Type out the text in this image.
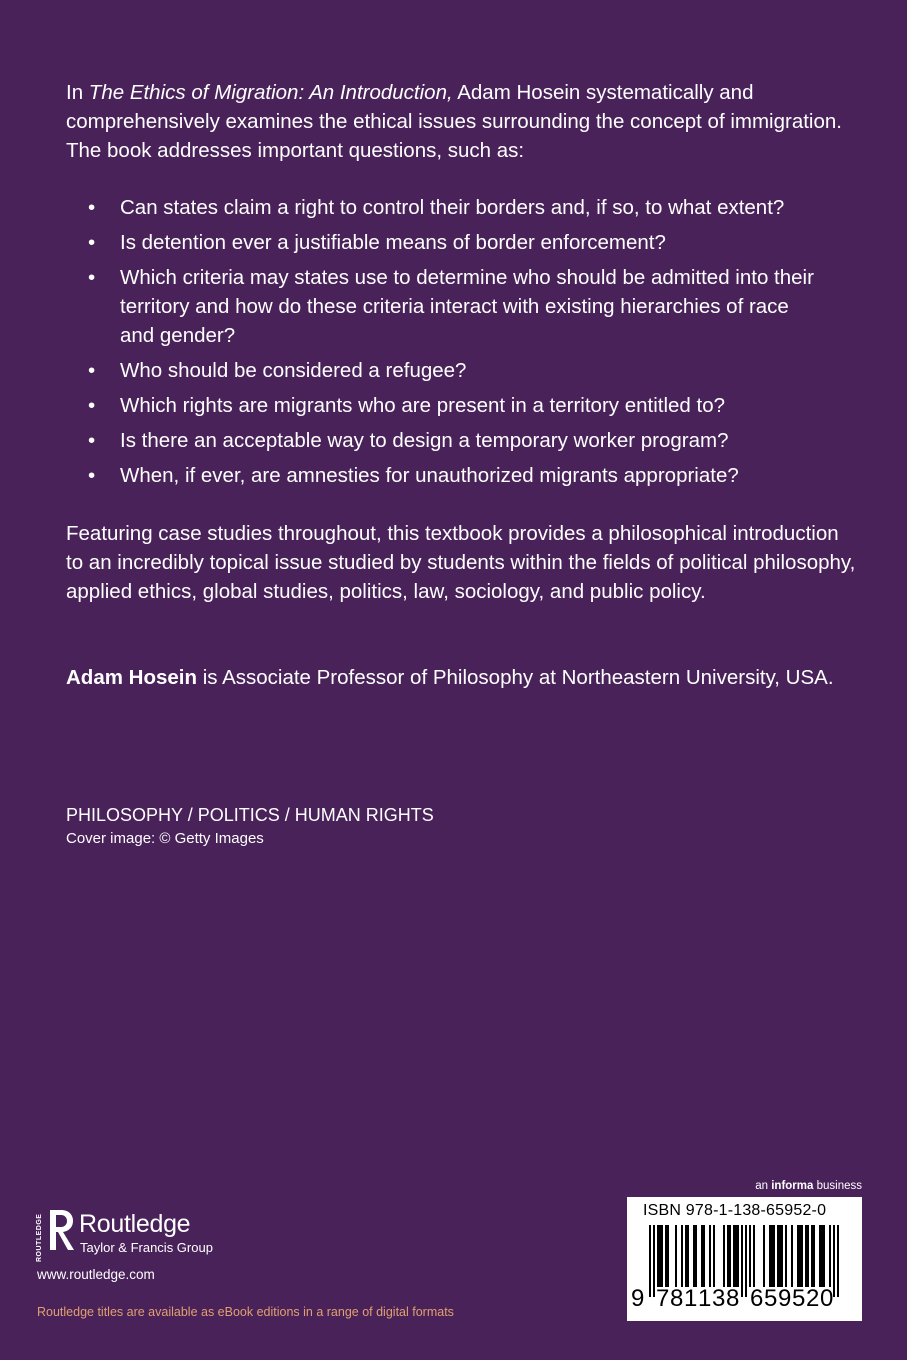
In The Ethics of Migration: An Introduction, Adam Hosein systematically and comprehensively examines the ethical issues surrounding the concept of immigration. The book addresses important questions, such as:

• Can states claim a right to control their borders and, if so, to what extent?
• Is detention ever a justifiable means of border enforcement?
• Which criteria may states use to determine who should be admitted into their territory and how do these criteria interact with existing hierarchies of race and gender?
• Who should be considered a refugee?
• Which rights are migrants who are present in a territory entitled to?
• Is there an acceptable way to design a temporary worker program?
• When, if ever, are amnesties for unauthorized migrants appropriate?

Featuring case studies throughout, this textbook provides a philosophical introduction to an incredibly topical issue studied by students within the fields of political philosophy, applied ethics, global studies, politics, law, sociology, and public policy.

Adam Hosein is Associate Professor of Philosophy at Northeastern University, USA.

PHILOSOPHY / POLITICS / HUMAN RIGHTS

Cover image: © Getty Images

ROUTLEDGE Routledge
Taylor & Francis Group

www.routledge.com

Routledge titles are available as eBook editions in a range of digital formats

an informa business

ISBN 978-1-138-65952-0
9 7 8 1 1 3 8 6 5 9 5 2 0
